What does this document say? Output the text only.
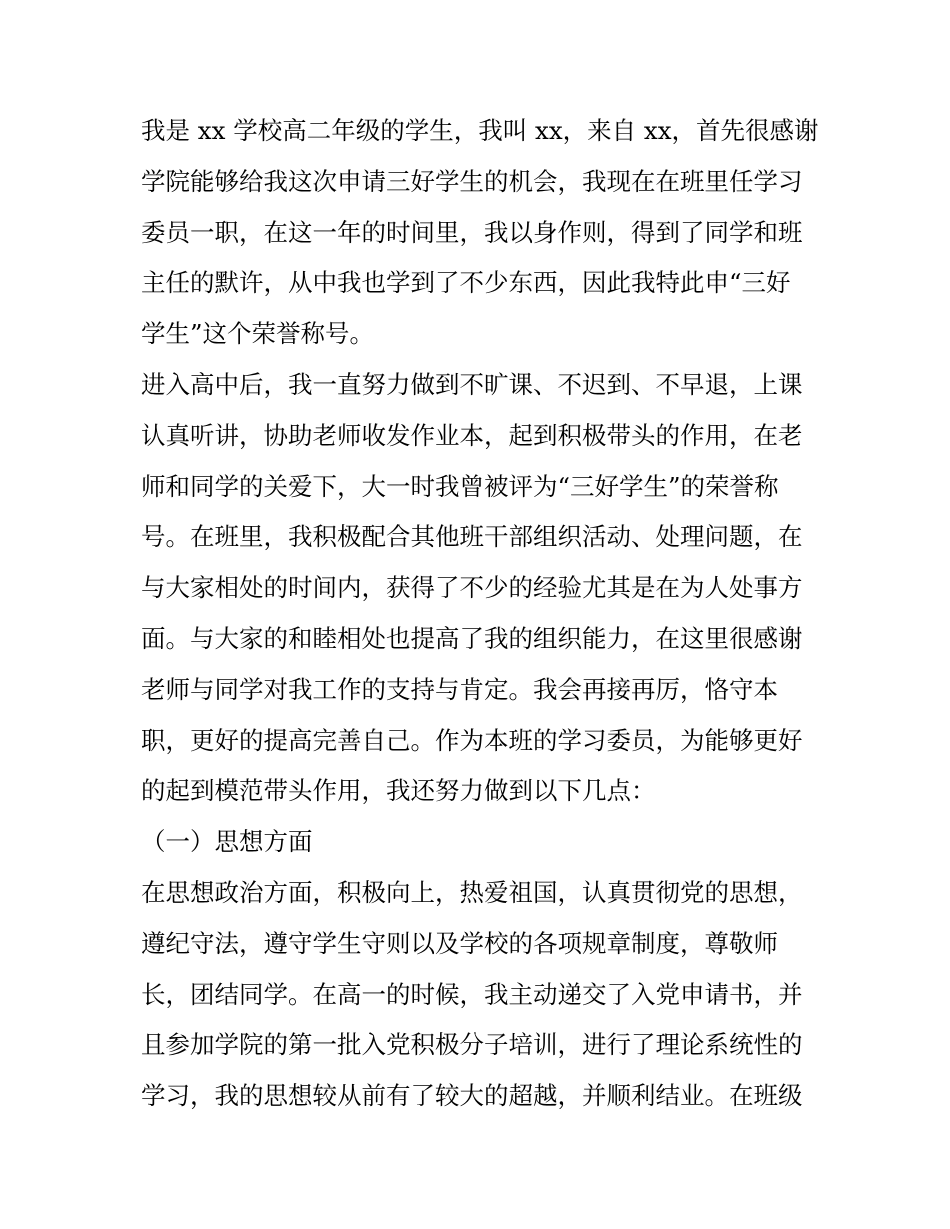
我是 xx 学校高二年级的学生，我叫 xx，来自 xx，首先很感谢
学院能够给我这次申请三好学生的机会，我现在在班里任学习
委员一职，在这一年的时间里，我以身作则，得到了同学和班
主任的默许，从中我也学到了不少东西，因此我特此申“三好
学生”这个荣誉称号。
进入高中后，我一直努力做到不旷课、不迟到、不早退，上课
认真听讲，协助老师收发作业本，起到积极带头的作用，在老
师和同学的关爱下，大一时我曾被评为“三好学生”的荣誉称
号。在班里，我积极配合其他班干部组织活动、处理问题，在
与大家相处的时间内，获得了不少的经验尤其是在为人处事方
面。与大家的和睦相处也提高了我的组织能力，在这里很感谢
老师与同学对我工作的支持与肯定。我会再接再厉，恪守本
职，更好的提高完善自己。作为本班的学习委员，为能够更好
的起到模范带头作用，我还努力做到以下几点：
（一）思想方面
在思想政治方面，积极向上，热爱祖国，认真贯彻党的思想，
遵纪守法，遵守学生守则以及学校的各项规章制度，尊敬师
长，团结同学。在高一的时候，我主动递交了入党申请书，并
且参加学院的第一批入党积极分子培训，进行了理论系统性的
学习，我的思想较从前有了较大的超越，并顺利结业。在班级
